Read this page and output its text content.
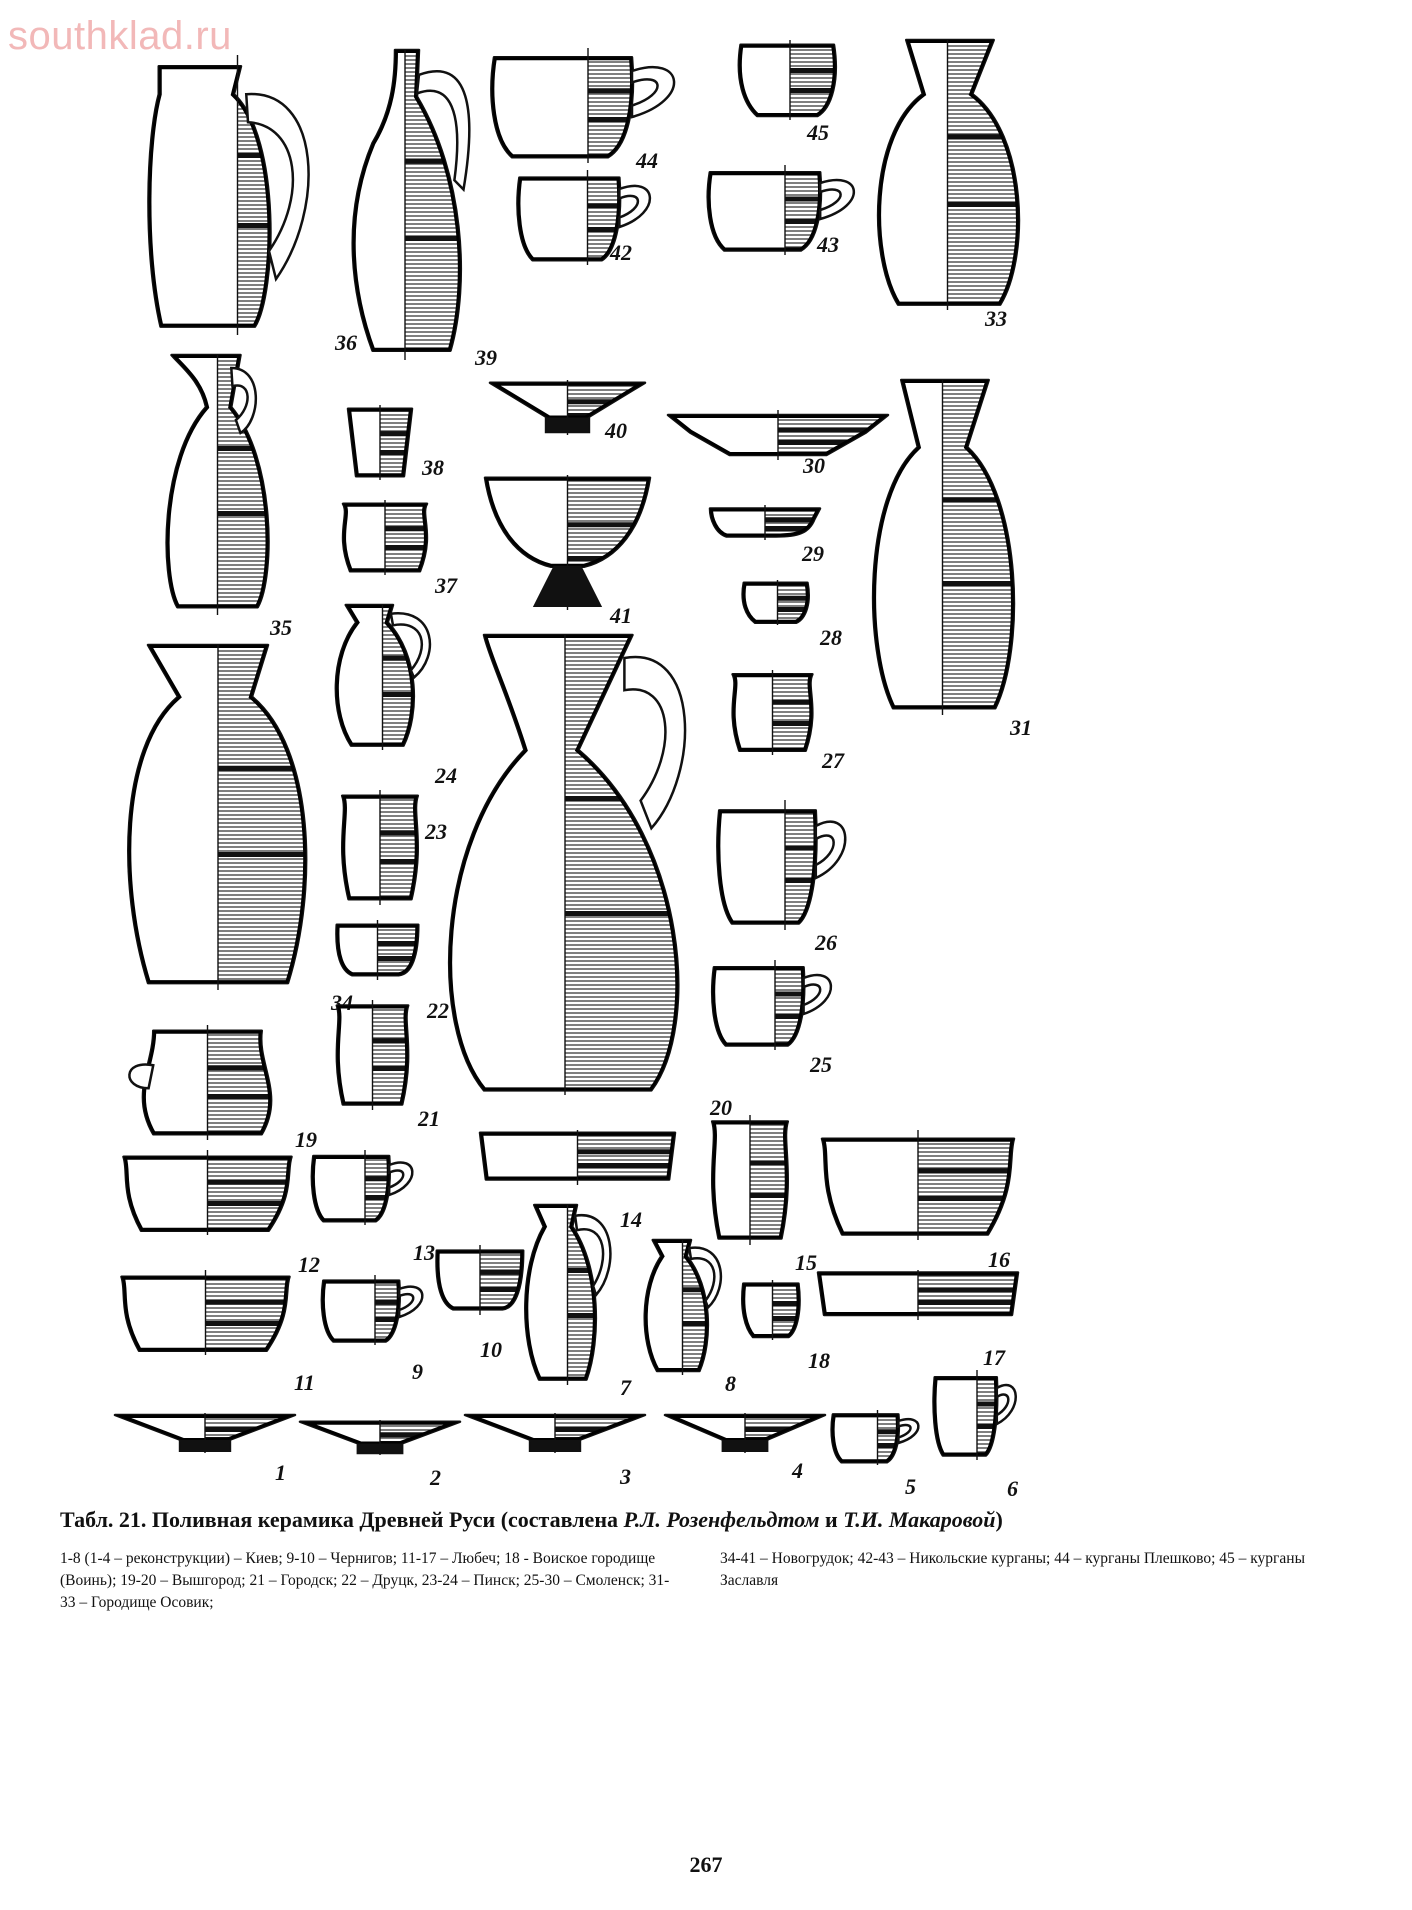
southklad.ru
36
39
44
45
42	43
33
35
38
37
40
41
30
29
28
27
31
34
24
23
22
21	20
26
25
19
12	13
14
15	16
11	9
10
7	8
18	17
1	2	3	4
5	6
Табл. 21. Поливная керамика Древней Руси (составлена Р.Л. Розенфельдтом и Т.И. Макаровой)
1-8 (1-4 – реконструкции) – Киев; 9-10 – Чернигов; 11-17 – Любеч; 18 - Воиское городище (Воинь); 19-20 – Вышгород; 21 – Городск; 22 – Друцк, 23-24 – Пинск; 25-30 – Смоленск; 31-33 – Городище Осовик;
34-41 – Новогрудок; 42-43 – Никольские курганы; 44 – курганы Плешково; 45 – курганы Заславля
267
